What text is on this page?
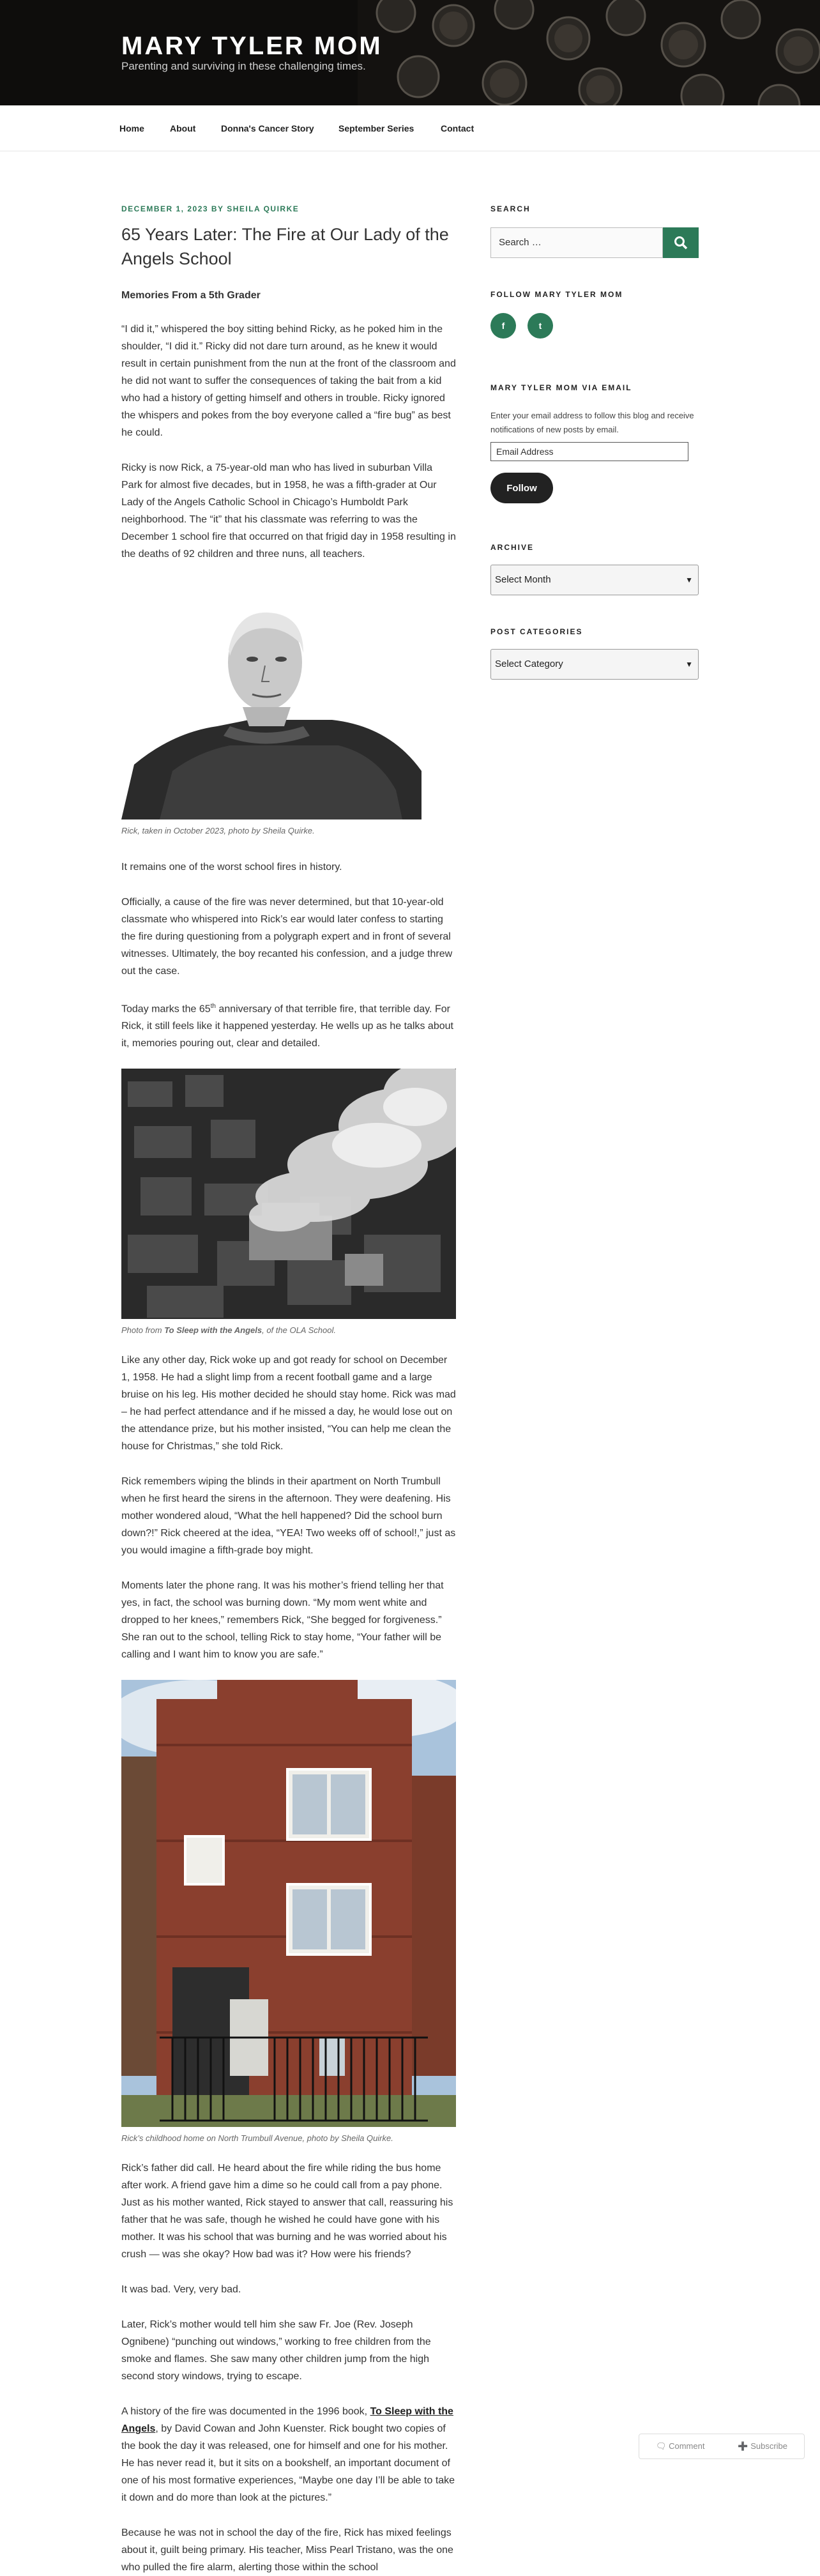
MARY TYLER MOM
Parenting and surviving in these challenging times.
Home	About	Donna's Cancer Story	September Series	Contact
DECEMBER 1, 2023 BY SHEILA QUIRKE
65 Years Later: The Fire at Our Lady of the Angels School
Memories From a 5th Grader

“I did it,” whispered the boy sitting behind Ricky, as he poked him in the shoulder, “I did it.” Ricky did not dare turn around, as he knew it would result in certain punishment from the nun at the front of the classroom and he did not want to suffer the consequences of taking the bait from a kid who had a history of getting himself and others in trouble. Ricky ignored the whispers and pokes from the boy everyone called a “fire bug” as best he could.

Ricky is now Rick, a 75-year-old man who has lived in suburban Villa Park for almost five decades, but in 1958, he was a fifth-grader at Our Lady of the Angels Catholic School in Chicago’s Humboldt Park neighborhood. The “it” that his classmate was referring to was the December 1 school fire that occurred on that frigid day in 1958 resulting in the deaths of 92 children and three nuns, all teachers.

Rick, taken in October 2023, photo by Sheila Quirke.

It remains one of the worst school fires in history.

Officially, a cause of the fire was never determined, but that 10-year-old classmate who whispered into Rick’s ear would later confess to starting the fire during questioning from a polygraph expert and in front of several witnesses. Ultimately, the boy recanted his confession, and a judge threw out the case.

Today marks the 65th anniversary of that terrible fire, that terrible day. For Rick, it still feels like it happened yesterday. He wells up as he talks about it, memories pouring out, clear and detailed.

Photo from To Sleep with the Angels, of the OLA School.

Like any other day, Rick woke up and got ready for school on December 1, 1958. He had a slight limp from a recent football game and a large bruise on his leg. His mother decided he should stay home. Rick was mad – he had perfect attendance and if he missed a day, he would lose out on the attendance prize, but his mother insisted, “You can help me clean the house for Christmas,” she told Rick.

Rick remembers wiping the blinds in their apartment on North Trumbull when he first heard the sirens in the afternoon. They were deafening. His mother wondered aloud, “What the hell happened? Did the school burn down?!” Rick cheered at the idea, “YEA! Two weeks off of school!,” just as you would imagine a fifth-grade boy might.

Moments later the phone rang. It was his mother’s friend telling her that yes, in fact, the school was burning down. “My mom went white and dropped to her knees,” remembers Rick, “She begged for forgiveness.” She ran out to the school, telling Rick to stay home, “Your father will be calling and I want him to know you are safe.”

Rick’s childhood home on North Trumbull Avenue, photo by Sheila Quirke.

Rick’s father did call. He heard about the fire while riding the bus home after work. A friend gave him a dime so he could call from a pay phone. Just as his mother wanted, Rick stayed to answer that call, reassuring his father that he was safe, though he wished he could have gone with his mother. It was his school that was burning and he was worried about his crush — was she okay? How bad was it? How were his friends?

It was bad. Very, very bad.

Later, Rick’s mother would tell him she saw Fr. Joe (Rev. Joseph Ognibene) “punching out windows,” working to free children from the smoke and flames. She saw many other children jump from the high second story windows, trying to escape.

A history of the fire was documented in the 1996 book, To Sleep with the Angels, by David Cowan and John Kuenster. Rick bought two copies of the book the day it was released, one for himself and one for his mother. He has never read it, but it sits on a bookshelf, an important document of one of his most formative experiences, “Maybe one day I’ll be able to take it down and do more than look at the pictures.”

Because he was not in school the day of the fire, Rick has mixed feelings about it, guilt being primary. His teacher, Miss Pearl Tristano, was the one who pulled the fire alarm, alerting those within the school

SEARCH
Search …
FOLLOW MARY TYLER MOM
f	t
MARY TYLER MOM VIA EMAIL
Enter your email address to follow this blog and receive notifications of new posts by email.
Email Address
Follow
ARCHIVE
Select Month	▼
POST CATEGORIES
Select Category	▼
🗨 Comment	➕ Subscribe
